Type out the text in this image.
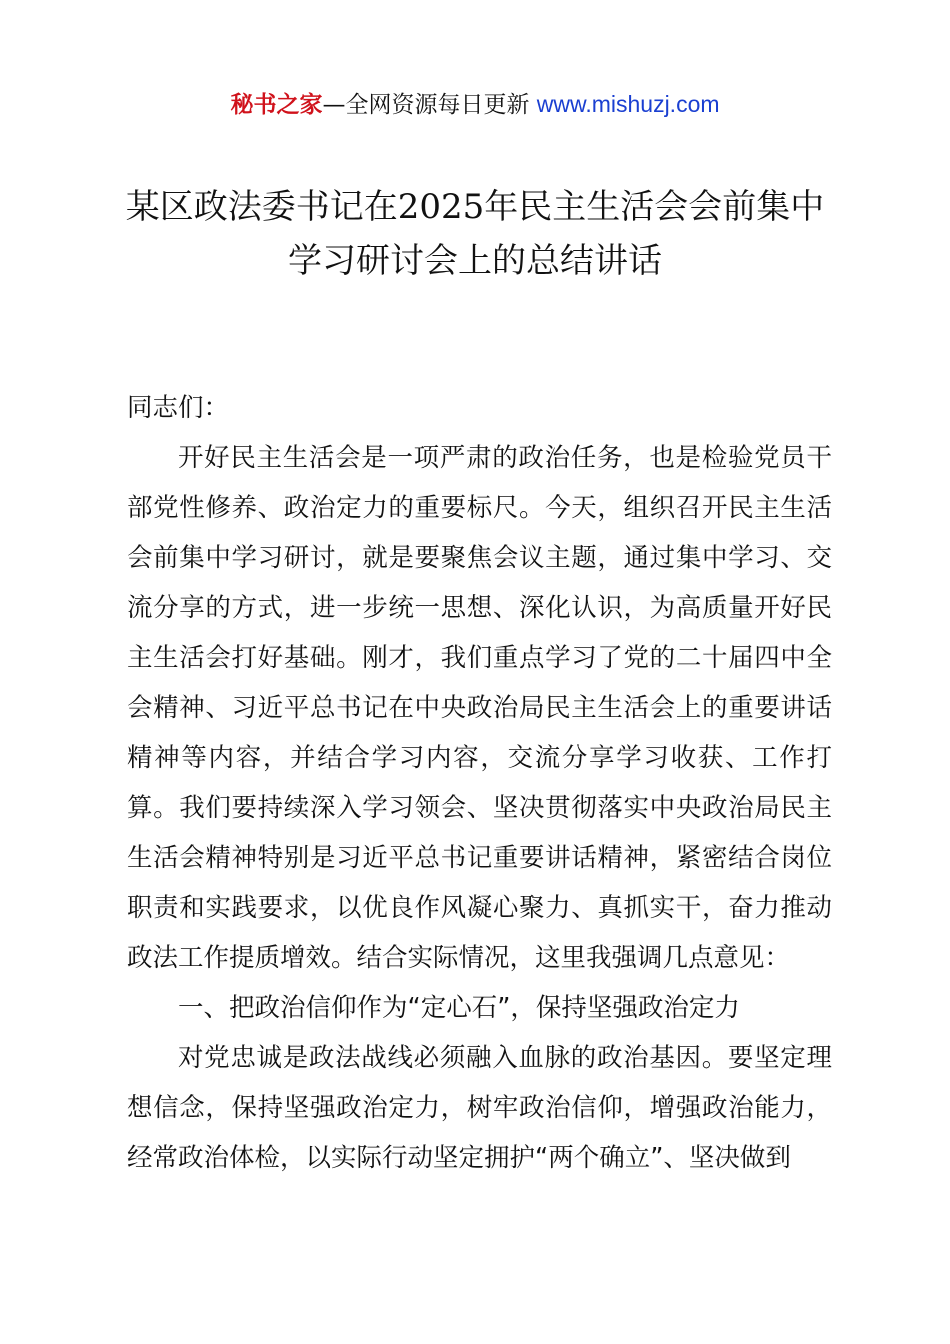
秘书之家—全网资源每日更新 www.mishuzj.com
某区政法委书记在2025年民主生活会会前集中学习研讨会上的总结讲话

同志们：

开好民主生活会是一项严肃的政治任务，也是检验党员干部党性修养、政治定力的重要标尺。今天，组织召开民主生活会前集中学习研讨，就是要聚焦会议主题，通过集中学习、交流分享的方式，进一步统一思想、深化认识，为高质量开好民主生活会打好基础。刚才，我们重点学习了党的二十届四中全会精神、习近平总书记在中央政治局民主生活会上的重要讲话精神等内容，并结合学习内容，交流分享学习收获、工作打算。我们要持续深入学习领会、坚决贯彻落实中央政治局民主生活会精神特别是习近平总书记重要讲话精神，紧密结合岗位职责和实践要求，以优良作风凝心聚力、真抓实干，奋力推动政法工作提质增效。结合实际情况，这里我强调几点意见：

一、把政治信仰作为“定心石”，保持坚强政治定力

对党忠诚是政法战线必须融入血脉的政治基因。要坚定理想信念，保持坚强政治定力，树牢政治信仰，增强政治能力，经常政治体检，以实际行动坚定拥护“两个确立”、坚决做到
